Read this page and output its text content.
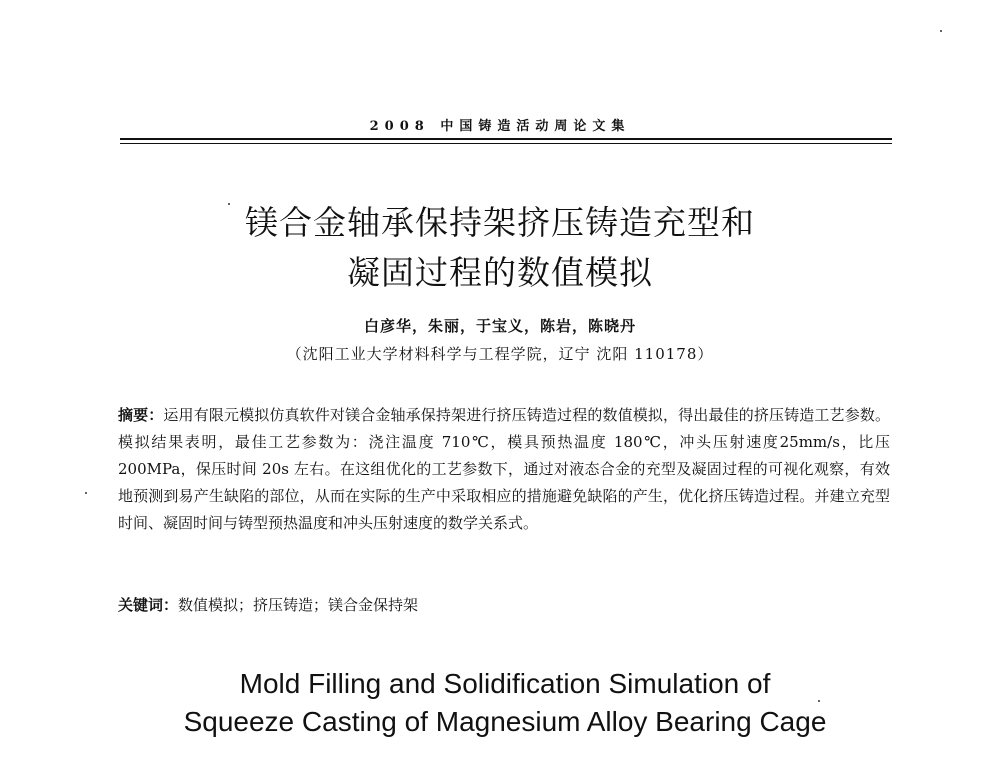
2008 中国铸造活动周论文集
镁合金轴承保持架挤压铸造充型和
凝固过程的数值模拟
白彦华，朱丽，于宝义，陈岩，陈晓丹
（沈阳工业大学材料科学与工程学院，辽宁 沈阳 110178）
摘要：运用有限元模拟仿真软件对镁合金轴承保持架进行挤压铸造过程的数值模拟，得出最佳的挤压铸造工艺参数。模拟结果表明，最佳工艺参数为：浇注温度 710℃，模具预热温度 180℃，冲头压射速度25mm/s，比压 200MPa，保压时间 20s 左右。在这组优化的工艺参数下，通过对液态合金的充型及凝固过程的可视化观察，有效地预测到易产生缺陷的部位，从而在实际的生产中采取相应的措施避免缺陷的产生，优化挤压铸造过程。并建立充型时间、凝固时间与铸型预热温度和冲头压射速度的数学关系式。
关键词：数值模拟；挤压铸造；镁合金保持架
Mold Filling and Solidification Simulation of
Squeeze Casting of Magnesium Alloy Bearing Cage
